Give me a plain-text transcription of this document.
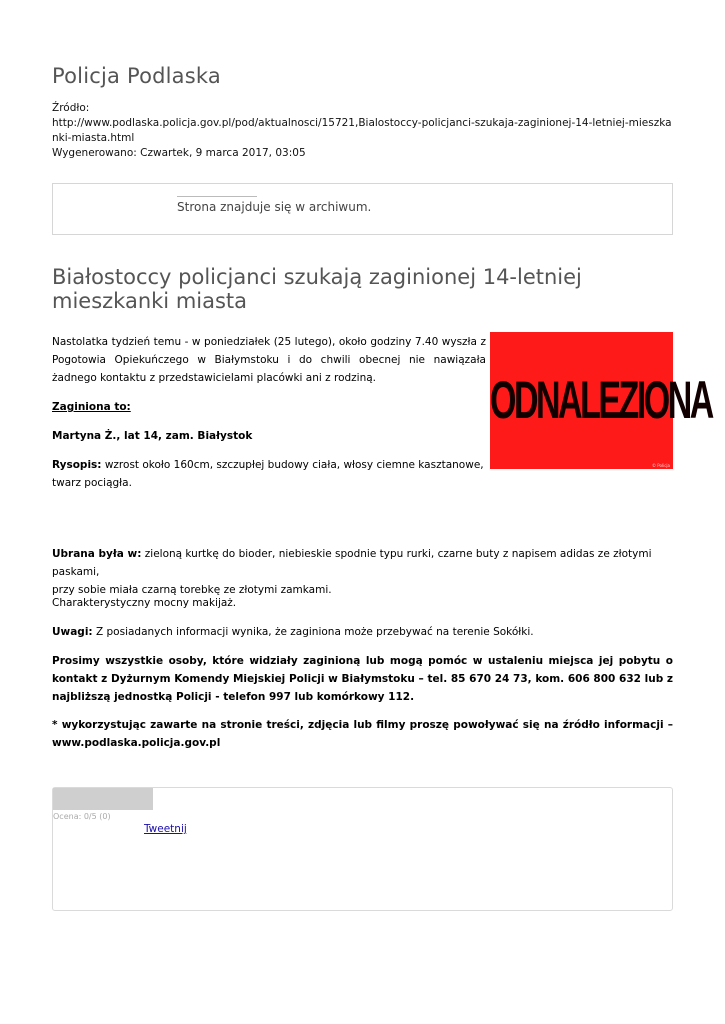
Policja Podlaska
Źródło:
http://www.podlaska.policja.gov.pl/pod/aktualnosci/15721,Bialostoccy-policjanci-szukaja-zaginionej-14-letniej-mieszkanki-miasta.html
Wygenerowano: Czwartek, 9 marca 2017, 03:05
Strona znajduje się w archiwum.
Białostoccy policjanci szukają zaginionej 14-letniej mieszkanki miasta
ODNALEZIONA
© Policja

Nastolatka tydzień temu - w poniedziałek (25 lutego), około godziny 7.40 wyszła z Pogotowia Opiekuńczego w Białymstoku i do chwili obecnej nie nawiązała żadnego kontaktu z przedstawicielami placówki ani z rodziną.

Zaginiona to:

Martyna Ż., lat 14, zam. Białystok

Rysopis: wzrost około 160cm, szczupłej budowy ciała, włosy ciemne kasztanowe,
twarz pociągła.

Ubrana była w: zieloną kurtkę do bioder, niebieskie spodnie typu rurki, czarne buty z napisem adidas ze złotymi paskami,
przy sobie miała czarną torebkę ze złotymi zamkami.

Charakterystyczny mocny makijaż.

Uwagi: Z posiadanych informacji wynika, że zaginiona może przebywać na terenie Sokółki.

Prosimy wszystkie osoby, które widziały zaginioną lub mogą pomóc w ustaleniu miejsca jej pobytu o kontakt z Dyżurnym Komendy Miejskiej Policji w Białymstoku – tel. 85 670 24 73, kom. 606 800 632 lub z najbliższą jednostką Policji - telefon 997 lub komórkowy 112.

* wykorzystując zawarte na stronie treści, zdjęcia lub filmy proszę powoływać się na źródło informacji – www.podlaska.policja.gov.pl

Ocena: 0/5 (0)
Tweetnij
